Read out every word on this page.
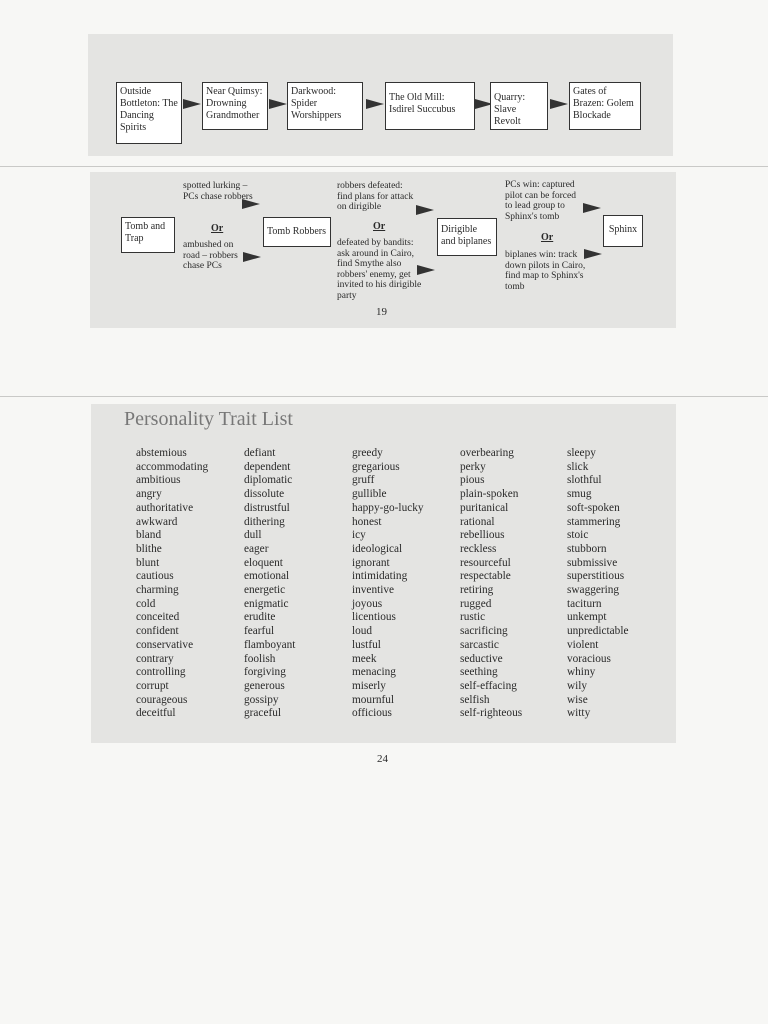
Outside Bottleton: The Dancing Spirits
Near Quimsy: Drowning Grandmother
Darkwood: Spider Worshippers
The Old Mill: Isdirel Succubus
Quarry: Slave Revolt
Gates of Brazen: Golem Blockade
spotted lurking – PCs chase robbers
Or
Tomb and Trap
ambushed on road – robbers chase PCs
Tomb Robbers
robbers defeated: find plans for attack on dirigible
Or
defeated by bandits: ask around in Cairo, find Smythe also robbers' enemy, get invited to his dirigible party
19
Dirigible and biplanes
PCs win: captured pilot can be forced to lead group to Sphinx's tomb
Or
biplanes win: track down pilots in Cairo, find map to Sphinx's tomb
Sphinx
Personality Trait List
abstemious
accommodating
ambitious
angry
authoritative
awkward
bland
blithe
blunt
cautious
charming
cold
conceited
confident
conservative
contrary
controlling
corrupt
courageous
deceitful
defiant
dependent
diplomatic
dissolute
distrustful
dithering
dull
eager
eloquent
emotional
energetic
enigmatic
erudite
fearful
flamboyant
foolish
forgiving
generous
gossipy
graceful
greedy
gregarious
gruff
gullible
happy-go-lucky
honest
icy
ideological
ignorant
intimidating
inventive
joyous
licentious
loud
lustful
meek
menacing
miserly
mournful
officious
overbearing
perky
pious
plain-spoken
puritanical
rational
rebellious
reckless
resourceful
respectable
retiring
rugged
rustic
sacrificing
sarcastic
seductive
seething
self-effacing
selfish
self-righteous
sleepy
slick
slothful
smug
soft-spoken
stammering
stoic
stubborn
submissive
superstitious
swaggering
taciturn
unkempt
unpredictable
violent
voracious
whiny
wily
wise
witty
24
